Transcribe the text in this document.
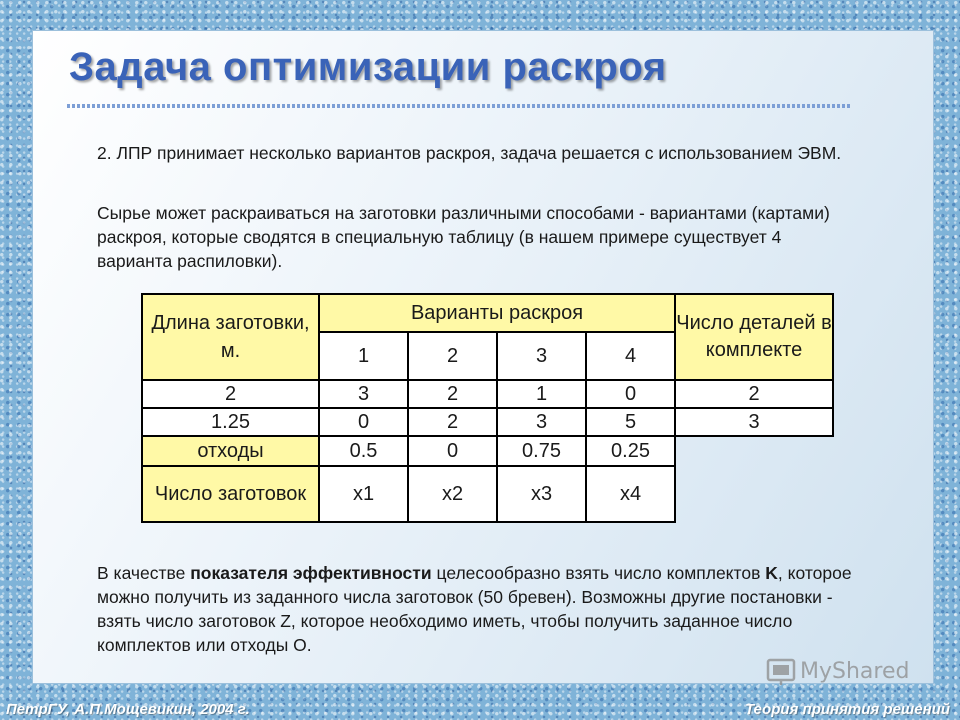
Задача оптимизации раскроя

2. ЛПР принимает несколько вариантов раскроя, задача решается с использованием ЭВМ.

Сырье может раскраиваться на заготовки различными способами - вариантами (картами) раскроя, которые сводятся в специальную таблицу (в нашем примере существует 4 варианта распиловки).

Длина заготовки, м.	Варианты раскроя				Число деталей в комплекте
	1	2	3	4	
2	3	2	1	0	2
1.25	0	2	3	5	3
отходы	0.5	0	0.75	0.25	
Число заготовок	x1	x2	x3	x4	

В качестве показателя эффективности целесообразно взять число комплектов K, которое можно получить из заданного числа заготовок (50 бревен). Возможны другие постановки - взять число заготовок Z, которое необходимо иметь, чтобы получить заданное число комплектов или отходы О.

MyShared
ПетрГУ, А.П.Мощевикин, 2004 г.	Теория принятия решений
